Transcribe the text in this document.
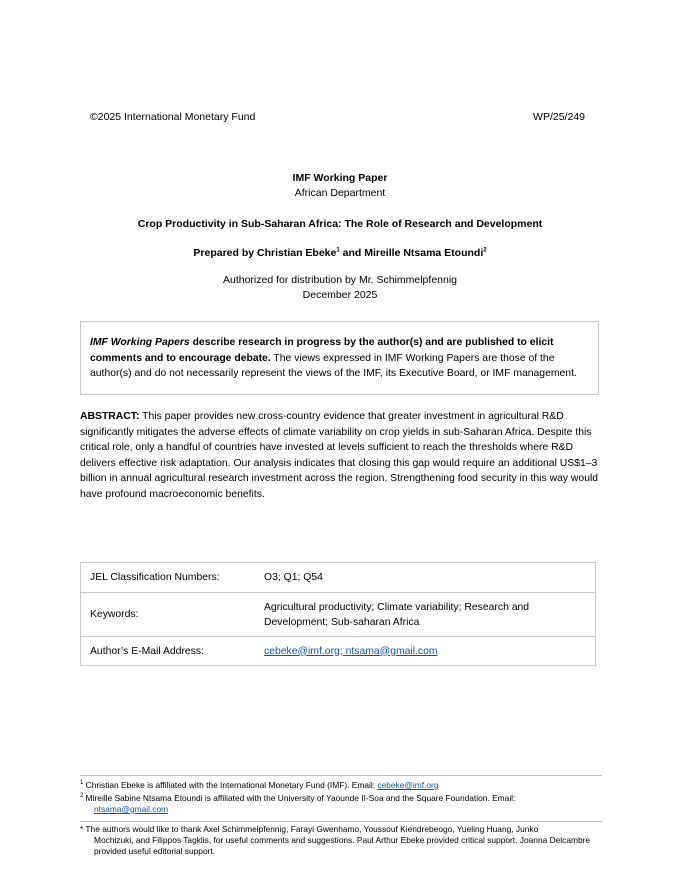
©2025 International Monetary Fund	WP/25/249
IMF Working Paper
African Department
Crop Productivity in Sub-Saharan Africa: The Role of Research and Development
Prepared by Christian Ebeke$^1$ and Mireille Ntsama Etoundi$^2$
Authorized for distribution by Mr. Schimmelpfennig
December 2025
IMF Working Papers describe research in progress by the author(s) and are published to elicit comments and to encourage debate. The views expressed in IMF Working Papers are those of the author(s) and do not necessarily represent the views of the IMF, its Executive Board, or IMF management.
ABSTRACT: This paper provides new cross-country evidence that greater investment in agricultural R&D significantly mitigates the adverse effects of climate variability on crop yields in sub-Saharan Africa. Despite this critical role, only a handful of countries have invested at levels sufficient to reach the thresholds where R&D delivers effective risk adaptation. Our analysis indicates that closing this gap would require an additional US$1–3 billion in annual agricultural research investment across the region. Strengthening food security in this way would have profound macroeconomic benefits.
JEL Classification Numbers:	O3; Q1; Q54
Keywords:	Agricultural productivity; Climate variability; Research and Development; Sub-saharan Africa
Author’s E-Mail Address:	cebeke@imf.org; ntsama@gmail.com
$^1$ Christian Ebeke is affiliated with the International Monetary Fund (IMF). Email: cebeke@imf.org
$^2$ Mireille Sabine Ntsama Etoundi is affiliated with the University of Yaounde II-Soa and the Square Foundation. Email:
ntsama@gmail.com
* The authors would like to thank Axel Schimmelpfennig, Farayi Gwenhamo, Youssouf Kiendrebeogo, Yueling Huang, Junko
Mochizuki, and Filippos Tagklis, for useful comments and suggestions. Paul Arthur Ebeke provided critical support. Joanna Delcambre provided useful editorial support.
